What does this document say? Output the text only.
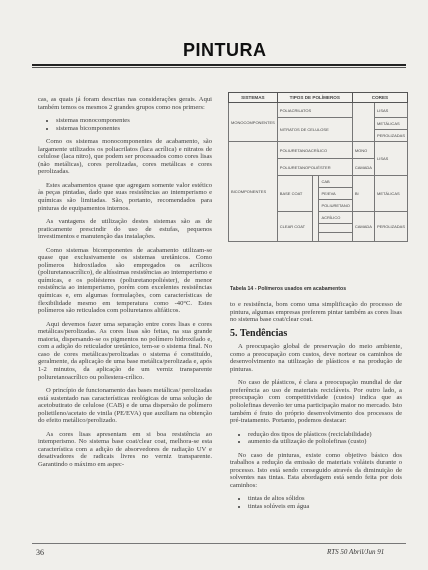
PINTURA

cas, as quais já foram descritas nas considerações gerais. Aqui também temos os mesmos 2 grandes grupos como nos primers:

• sistemas monocomponentes
• sistemas bicomponentes

Como os sistemas monocomponentes de acabamento, são largamente utilizados os poliacrilatos (laca acrílica) e nitratos de celulose (laca nitro), que podem ser processados como cores lisas (não metálicas), cores perolizadas, cores metálicas e cores perolizadas.

Estes acabamentos quase que agregam somente valor estético às peças pintadas, dado que suas resistências ao intemperismo e químicas são limitadas. São, portanto, recomendados para pinturas de equipamentos internos.

As vantagens de utilização destes sistemas são as de praticamente prescindir do uso de estufas, pequenos investimentos e manutenção das instalações.

Como sistemas bicomponentes de acabamento utilizam-se quase que exclusivamente os sistemas uretânicos. Como polímeros hidroxilados são empregados os acrílicos (poliuretanoacrílico), de altíssimas resistências ao intemperismo e químicas, e os poliésteres (poliuretanopoliéster), de menor resistência ao intemperismo, porém com excelentes resistências químicas e, em algumas formulações, com características de flexibilidade mesmo em temperatura como -40°C. Estes polímeros são reticulados com poliuretanos alifáticos.

Aqui devemos fazer uma separação entre cores lisas e cores metálicas/perolizadas. As cores lisas são feitas, na sua grande maioria, dispersando-se os pigmentos no polímero hidroxilado e, com a adição do reticulador uretânico, tem-se o sistema final. No caso de cores metálicas/perolizadas o sistema é constituído, geralmente, da aplicação de uma base metálica/perolizada e, após 1-2 minutos, da aplicação de um verniz transparente poliuretanoacrílico ou poliestera-crílico.

O princípio de funcionamento das bases metálicas/ perolizadas está sustentado nas características reológicas de uma solução de acetobutirato de celulose (CAB) e de uma dispersão de polímero polietileno/acetato de vinila (PE/EVA) que auxiliam na obtenção do efeito metálico/perolizado.

As cores lisas apresentam em si boa resistência ao intemperismo. No sistema base coat/clear coat, melhora-se esta característica com a adição de absorvedores de radiação UV e desativadores de radicais livres no verniz transparente. Garantindo o máximo em aspec-

SISTEMAS	TIPOS DE POLÍMEROS			CORES	
MONOCOMPONENTES	POLIACRILATOS				LISAS
	NITRATOS DE CELULOSE				METÁLICAS
					PEROLIZADAS
BICOMPONENTES	POLIURETANOACRÍLICO			MONO	LISAS
	POLIURETANOPOLIÉSTER			CAMADA	
	BASE COAT		CAB	BI	METÁLICAS
			PE/EVA		
			POLIURETANO		
	CLEAR COAT		ACRÍLICO	CAMADA	PEROLIZADAS

Tabela 14 - Polímeros usados em acabamentos

to e resistência, bom como uma simplificação do processo de pintura, algumas empresas preferem pintar também as cores lisas no sistema base coat/clear coat.

5. Tendências

A preocupação global de preservação do meio ambiente, como a preocupação com custos, deve nortear os caminhos de desenvolvimento na utilização de plásticos e na produção de pinturas.

No caso de plásticos, é clara a preocupação mundial de dar preferência ao uso de materiais recicláveis. Por outro lado, a preocupação com competitividade (custos) indica que as poliolefinas deverão ter uma participação maior no mercado. Isto também é fruto do próprio desenvolvimento dos processos de pré-tratamento. Portanto, podemos destacar:

• redução dos tipos de plásticos (reciclabilidade)
• aumento da utilização de poliolefinas (custo)

No caso de pinturas, existe como objetivo básico dos trabalhos a redução da emissão de materiais voláteis durante o processo. Isto está sendo conseguido através da diminuição de solventes nas tintas. Esta abordagem está sendo feita por dois caminhos:

• tintas de altos sólidos
• tintas solúveis em água
36	RTS 50 Abril/Jun 91
